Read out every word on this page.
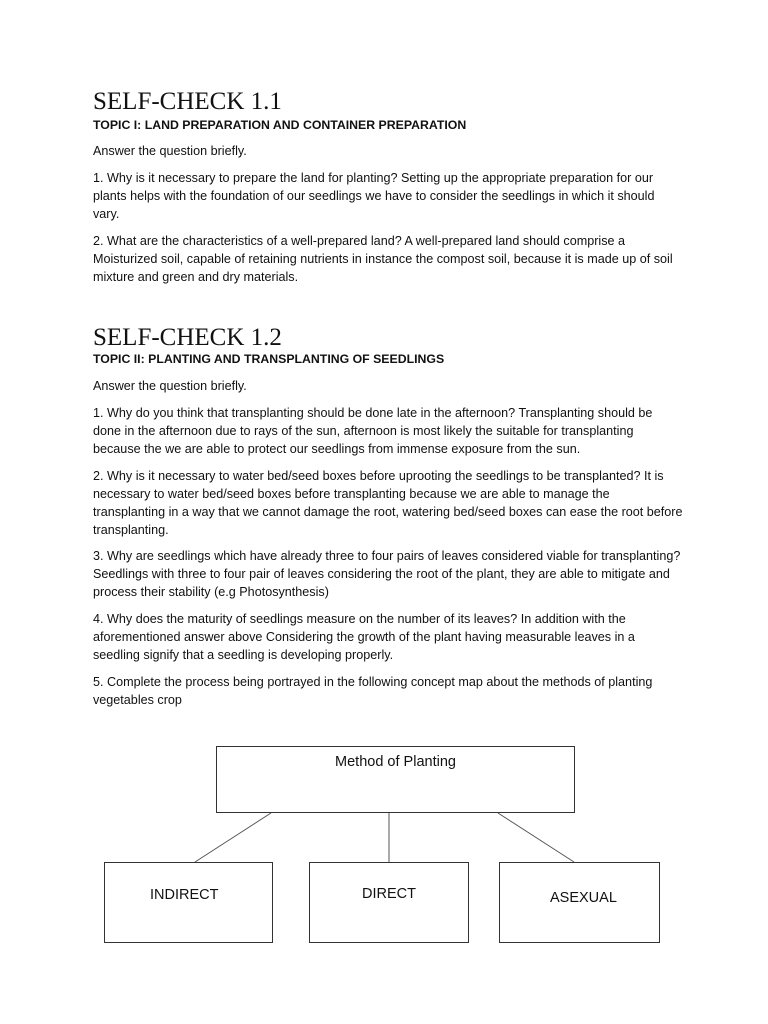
SELF-CHECK 1.1

TOPIC I: LAND PREPARATION AND CONTAINER PREPARATION

Answer the question briefly.

1. Why is it necessary to prepare the land for planting? Setting up the appropriate preparation for our plants helps with the foundation of our seedlings we have to consider the seedlings in which it should vary.

2. What are the characteristics of a well-prepared land? A well-prepared land should comprise a Moisturized soil, capable of retaining nutrients in instance the compost soil, because it is made up of soil mixture and green and dry materials.

SELF-CHECK 1.2

TOPIC II: PLANTING AND TRANSPLANTING OF SEEDLINGS

Answer the question briefly.

1. Why do you think that transplanting should be done late in the afternoon? Transplanting should be done in the afternoon due to rays of the sun, afternoon is most likely the suitable for transplanting because the we are able to protect our seedlings from immense exposure from the sun.

2. Why is it necessary to water bed/seed boxes before uprooting the seedlings to be transplanted? It is necessary to water bed/seed boxes before transplanting because we are able to manage the transplanting in a way that we cannot damage the root, watering bed/seed boxes can ease the root before transplanting.

3. Why are seedlings which have already three to four pairs of leaves considered viable for transplanting? Seedlings with three to four pair of leaves considering the root of the plant, they are able to mitigate and process their stability (e.g Photosynthesis)

4. Why does the maturity of seedlings measure on the number of its leaves? In addition with the aforementioned answer above Considering the growth of the plant having measurable leaves in a seedling signify that a seedling is developing properly.

5. Complete the process being portrayed in the following concept map about the methods of planting vegetables crop

Method of Planting
INDIRECT	DIRECT	ASEXUAL
